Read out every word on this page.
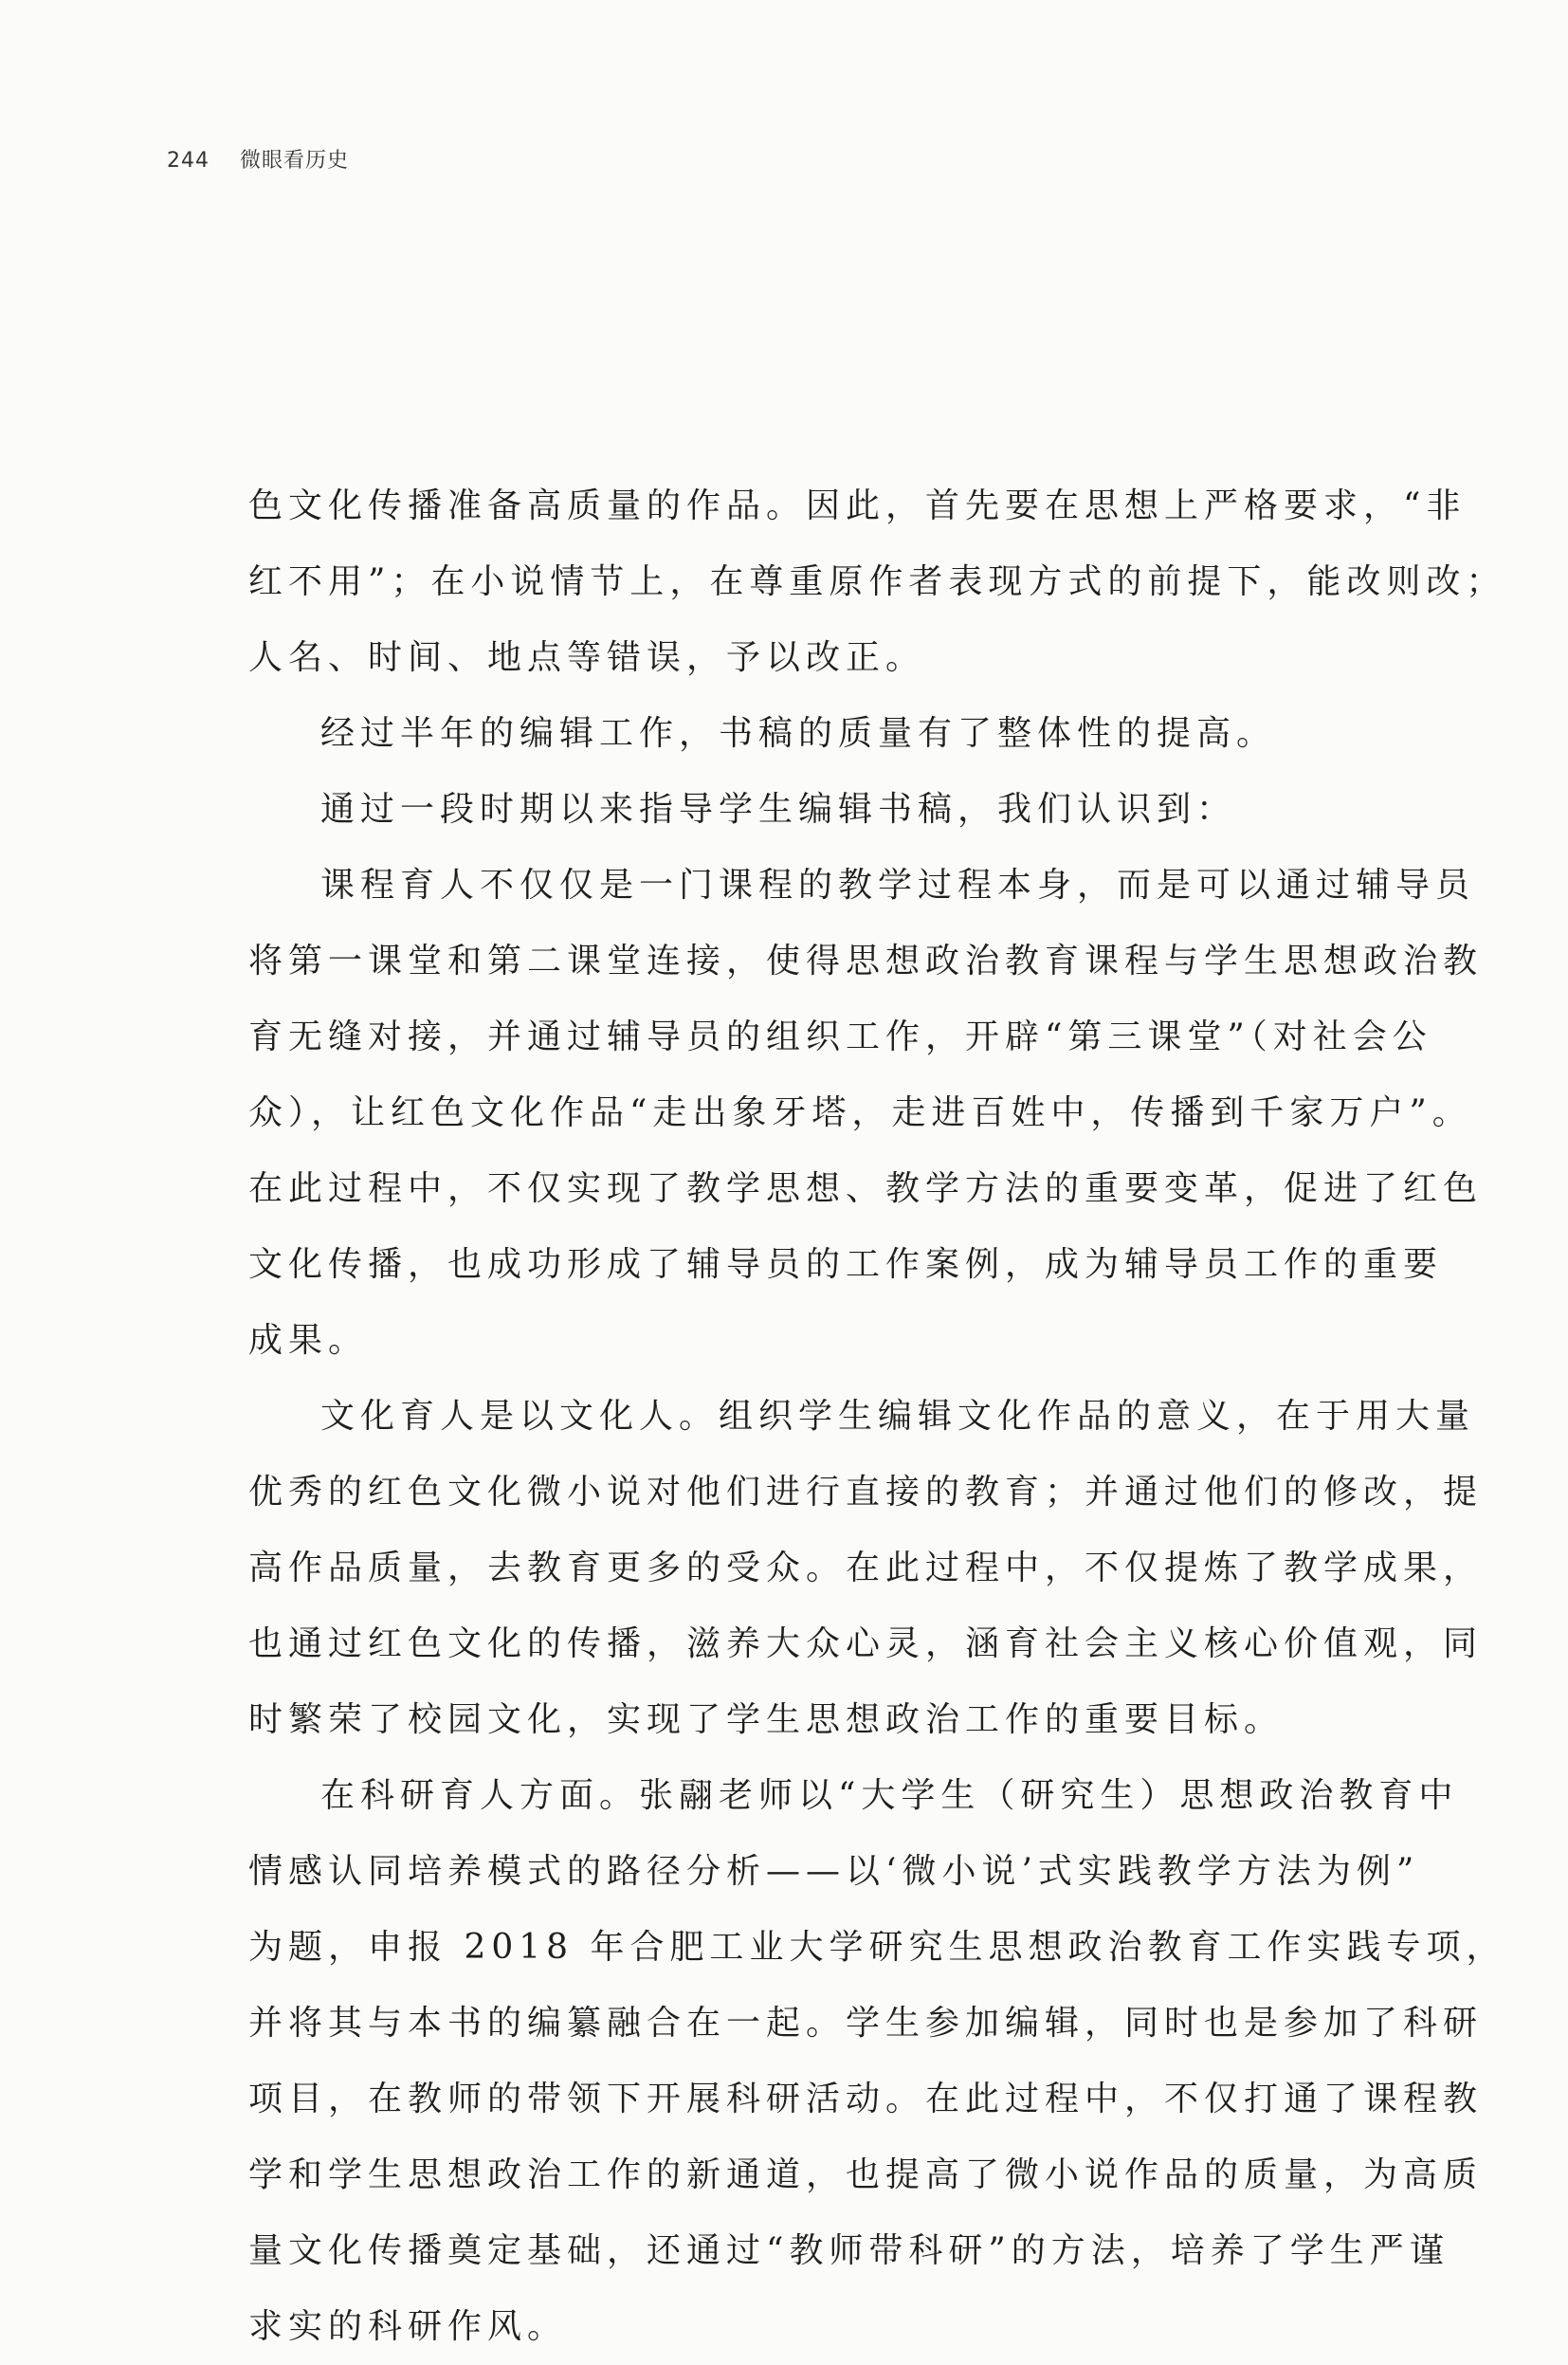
244 微眼看历史
色文化传播准备高质量的作品。因此，首先要在思想上严格要求，“非
红不用”；在小说情节上，在尊重原作者表现方式的前提下，能改则改；
人名、时间、地点等错误，予以改正。
经过半年的编辑工作，书稿的质量有了整体性的提高。
通过一段时期以来指导学生编辑书稿，我们认识到：
课程育人不仅仅是一门课程的教学过程本身，而是可以通过辅导员
将第一课堂和第二课堂连接，使得思想政治教育课程与学生思想政治教
育无缝对接，并通过辅导员的组织工作，开辟“第三课堂”（对社会公
众），让红色文化作品“走出象牙塔，走进百姓中，传播到千家万户”。
在此过程中，不仅实现了教学思想、教学方法的重要变革，促进了红色
文化传播，也成功形成了辅导员的工作案例，成为辅导员工作的重要
成果。
文化育人是以文化人。组织学生编辑文化作品的意义，在于用大量
优秀的红色文化微小说对他们进行直接的教育；并通过他们的修改，提
高作品质量，去教育更多的受众。在此过程中，不仅提炼了教学成果，
也通过红色文化的传播，滋养大众心灵，涵育社会主义核心价值观，同
时繁荣了校园文化，实现了学生思想政治工作的重要目标。
在科研育人方面。张翮老师以“大学生（研究生）思想政治教育中
情感认同培养模式的路径分析——以‘微小说’式实践教学方法为例”
为题，申报 2018 年合肥工业大学研究生思想政治教育工作实践专项，
并将其与本书的编纂融合在一起。学生参加编辑，同时也是参加了科研
项目，在教师的带领下开展科研活动。在此过程中，不仅打通了课程教
学和学生思想政治工作的新通道，也提高了微小说作品的质量，为高质
量文化传播奠定基础，还通过“教师带科研”的方法，培养了学生严谨
求实的科研作风。
